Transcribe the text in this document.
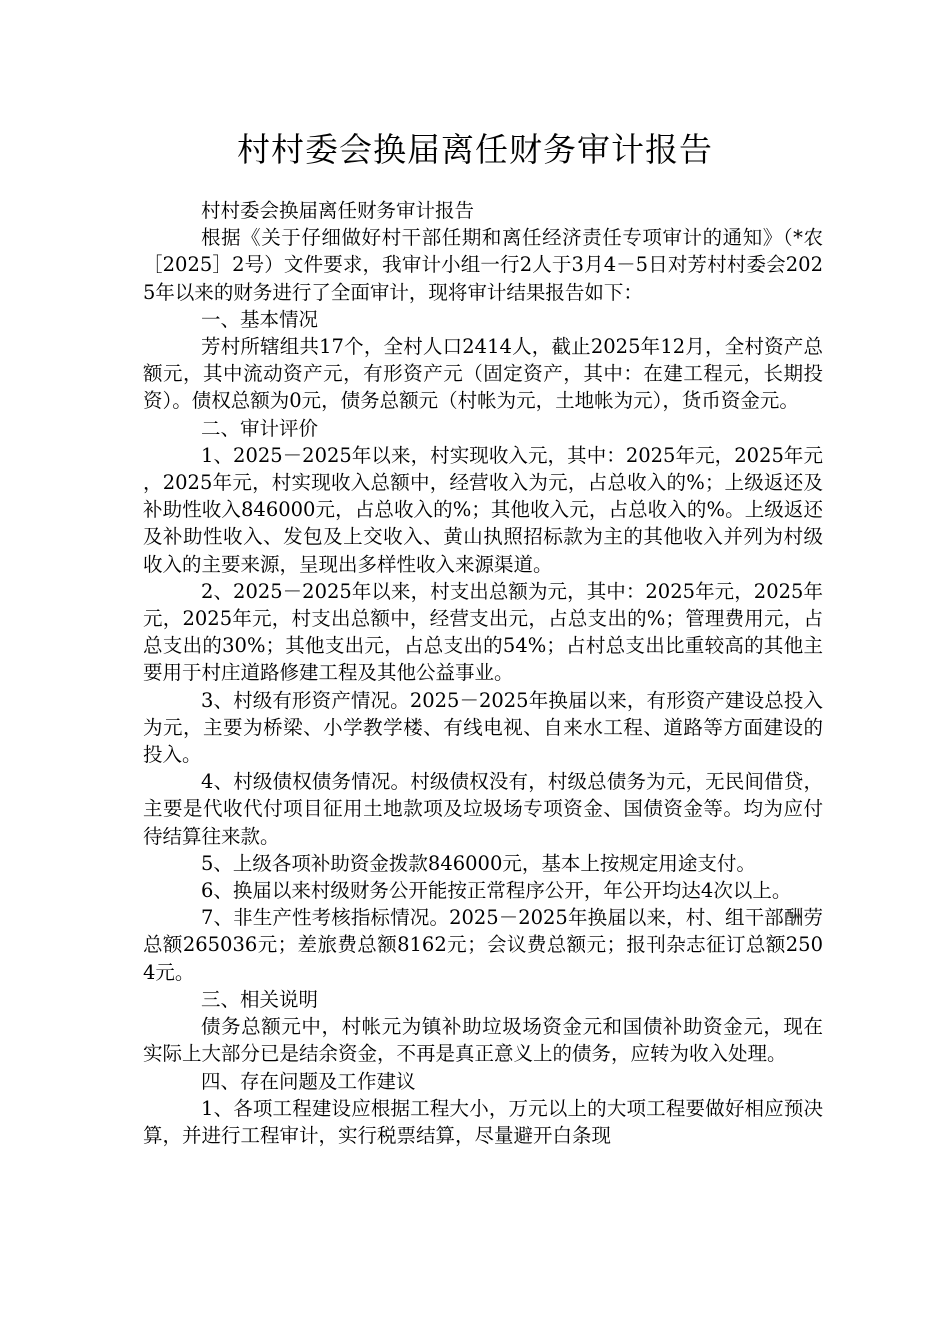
村村委会换届离任财务审计报告

村村委会换届离任财务审计报告

根据《关于仔细做好村干部任期和离任经济责任专项审计的通知》（*农［2025］2号）文件要求，我审计小组一行2人于3月4－5日对芳村村委会2025年以来的财务进行了全面审计，现将审计结果报告如下：

一、基本情况

芳村所辖组共17个，全村人口2414人，截止2025年12月，全村资产总额元，其中流动资产元，有形资产元（固定资产，其中：在建工程元，长期投资）。债权总额为0元，债务总额元（村帐为元，土地帐为元），货币资金元。

二、审计评价

1、2025－2025年以来，村实现收入元，其中：2025年元，2025年元，2025年元，村实现收入总额中，经营收入为元，占总收入的%；上级返还及补助性收入846000元，占总收入的%；其他收入元，占总收入的%。上级返还及补助性收入、发包及上交收入、黄山执照招标款为主的其他收入并列为村级收入的主要来源，呈现出多样性收入来源渠道。

2、2025－2025年以来，村支出总额为元，其中：2025年元，2025年元，2025年元，村支出总额中，经营支出元，占总支出的%；管理费用元，占总支出的30%；其他支出元，占总支出的54%；占村总支出比重较高的其他主要用于村庄道路修建工程及其他公益事业。

3、村级有形资产情况。2025－2025年换届以来，有形资产建设总投入为元，主要为桥梁、小学教学楼、有线电视、自来水工程、道路等方面建设的投入。

4、村级债权债务情况。村级债权没有，村级总债务为元，无民间借贷，主要是代收代付项目征用土地款项及垃圾场专项资金、国债资金等。均为应付待结算往来款。

5、上级各项补助资金拨款846000元，基本上按规定用途支付。

6、换届以来村级财务公开能按正常程序公开，年公开均达4次以上。

7、非生产性考核指标情况。2025－2025年换届以来，村、组干部酬劳总额265036元；差旅费总额8162元；会议费总额元；报刊杂志征订总额2504元。

三、相关说明

债务总额元中，村帐元为镇补助垃圾场资金元和国债补助资金元，现在实际上大部分已是结余资金，不再是真正意义上的债务，应转为收入处理。

四、存在问题及工作建议

1、各项工程建设应根据工程大小，万元以上的大项工程要做好相应预决算，并进行工程审计，实行税票结算，尽量避开白条现
